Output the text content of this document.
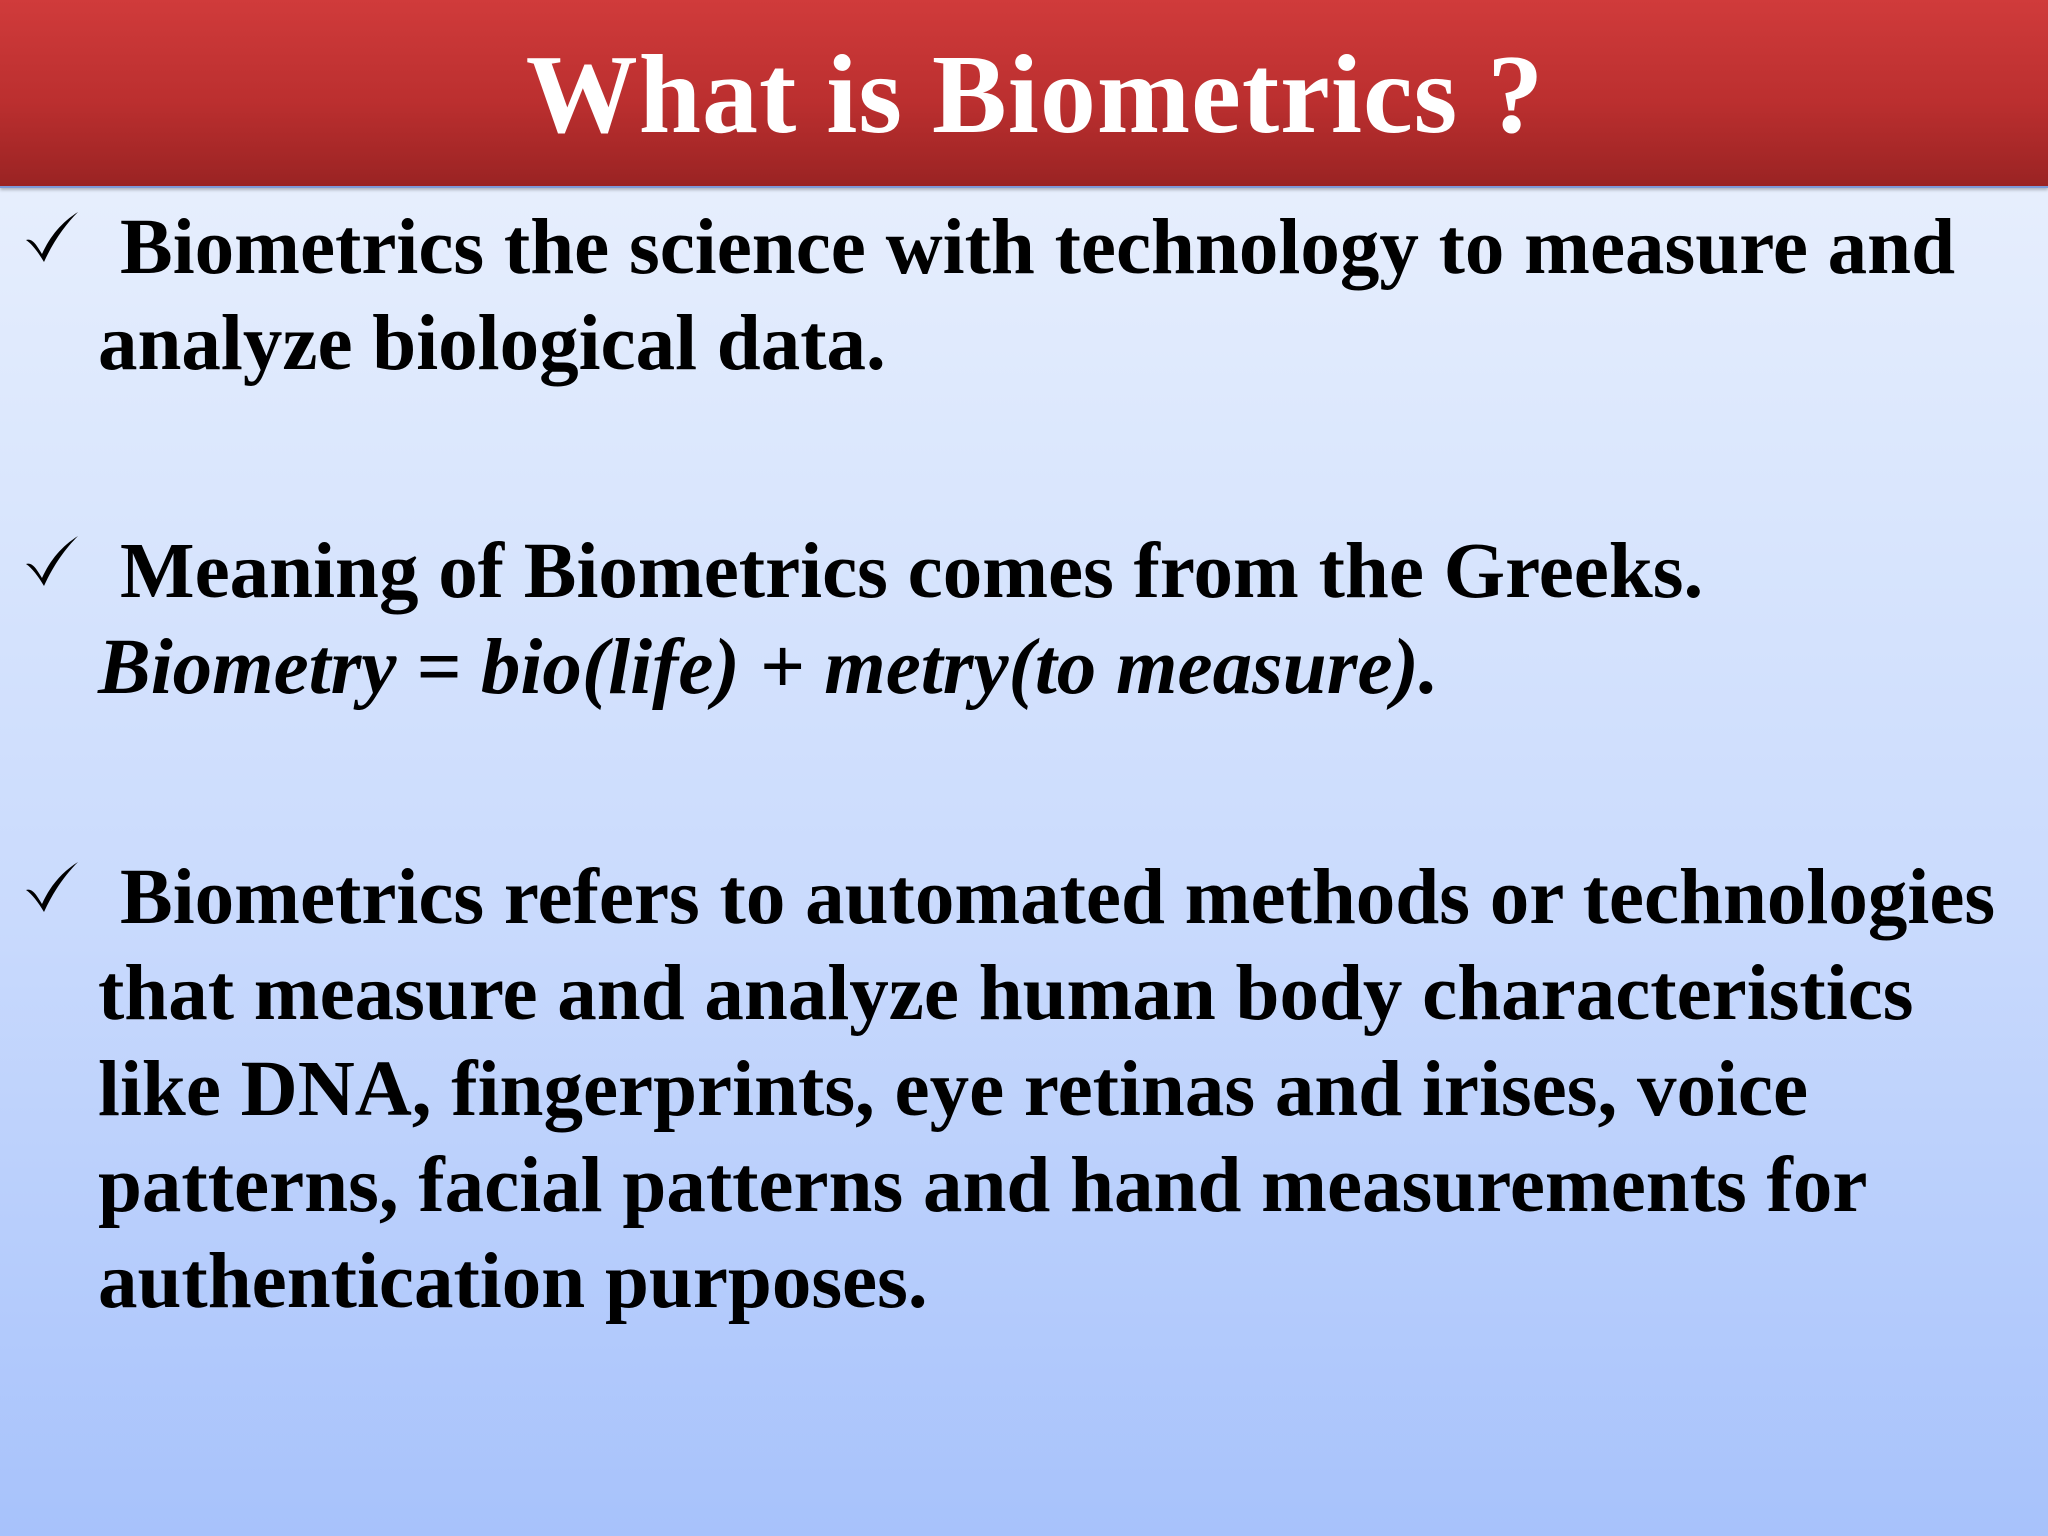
What is Biometrics ?
Biometrics the science with technology to measure and
analyze biological data.
Meaning of Biometrics comes from the Greeks.
Biometry = bio(life) + metry(to measure).
Biometrics refers to automated methods or technologies
that measure and analyze human body characteristics
like DNA, fingerprints, eye retinas and irises, voice
patterns, facial patterns and hand measurements for
authentication purposes.
